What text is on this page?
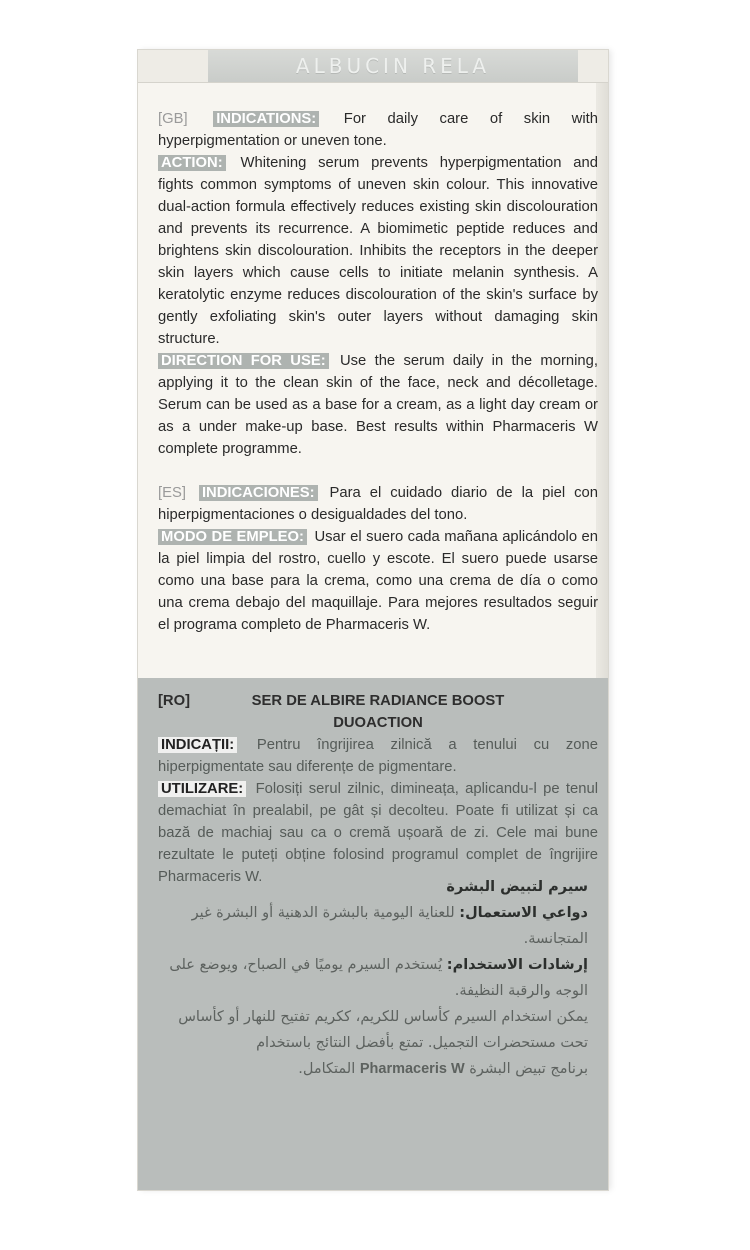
ALBUCIN RELA

[GB] INDICATIONS: For daily care of skin with hyperpigmentation or uneven tone.

ACTION: Whitening serum prevents hyperpigmentation and fights common symptoms of uneven skin colour. This innovative dual-action formula effectively reduces existing skin discolouration and prevents its recurrence. A biomimetic peptide reduces and brightens skin discolouration. Inhibits the receptors in the deeper skin layers which cause cells to initiate melanin synthesis. A keratolytic enzyme reduces discolouration of the skin's surface by gently exfoliating skin's outer layers without damaging skin structure.

DIRECTION FOR USE: Use the serum daily in the morning, applying it to the clean skin of the face, neck and décolletage. Serum can be used as a base for a cream, as a light day cream or as a under make-up base. Best results within Pharmaceris W complete programme.

[ES] INDICACIONES: Para el cuidado diario de la piel con hiperpigmentaciones o desigualdades del tono.

MODO DE EMPLEO: Usar el suero cada mañana aplicándolo en la piel limpia del rostro, cuello y escote. El suero puede usarse como una base para la crema, como una crema de día o como una crema debajo del maquillaje. Para mejores resultados seguir el programa completo de Pharmaceris W.

[RO]	SER DE ALBIRE RADIANCE BOOST
DUOACTION

INDICAȚII: Pentru îngrijirea zilnică a tenului cu zone hiperpigmentate sau diferențe de pigmentare.

UTILIZARE: Folosiți serul zilnic, dimineața, aplicandu-l pe tenul demachiat în prealabil, pe gât și decolteu. Poate fi utilizat și ca bază de machiaj sau ca o cremă ușoară de zi. Cele mai bune rezultate le puteți obține folosind programul complet de îngrijire Pharmaceris W.

سيرم لتبيض البشرة
دواعي الاستعمال: للعناية اليومية بالبشرة الدهنية أو البشرة غير المتجانسة.
إرشادات الاستخدام: يُستخدم السيرم يوميًا في الصباح، ويوضع على الوجه والرقبة النظيفة.
يمكن استخدام السيرم كأساس للكريم، ككريم تفتيح للنهار أو كأساس تحت مستحضرات التجميل. تمتع بأفضل النتائج باستخدام
برنامج تبيض البشرة Pharmaceris W المتكامل.
